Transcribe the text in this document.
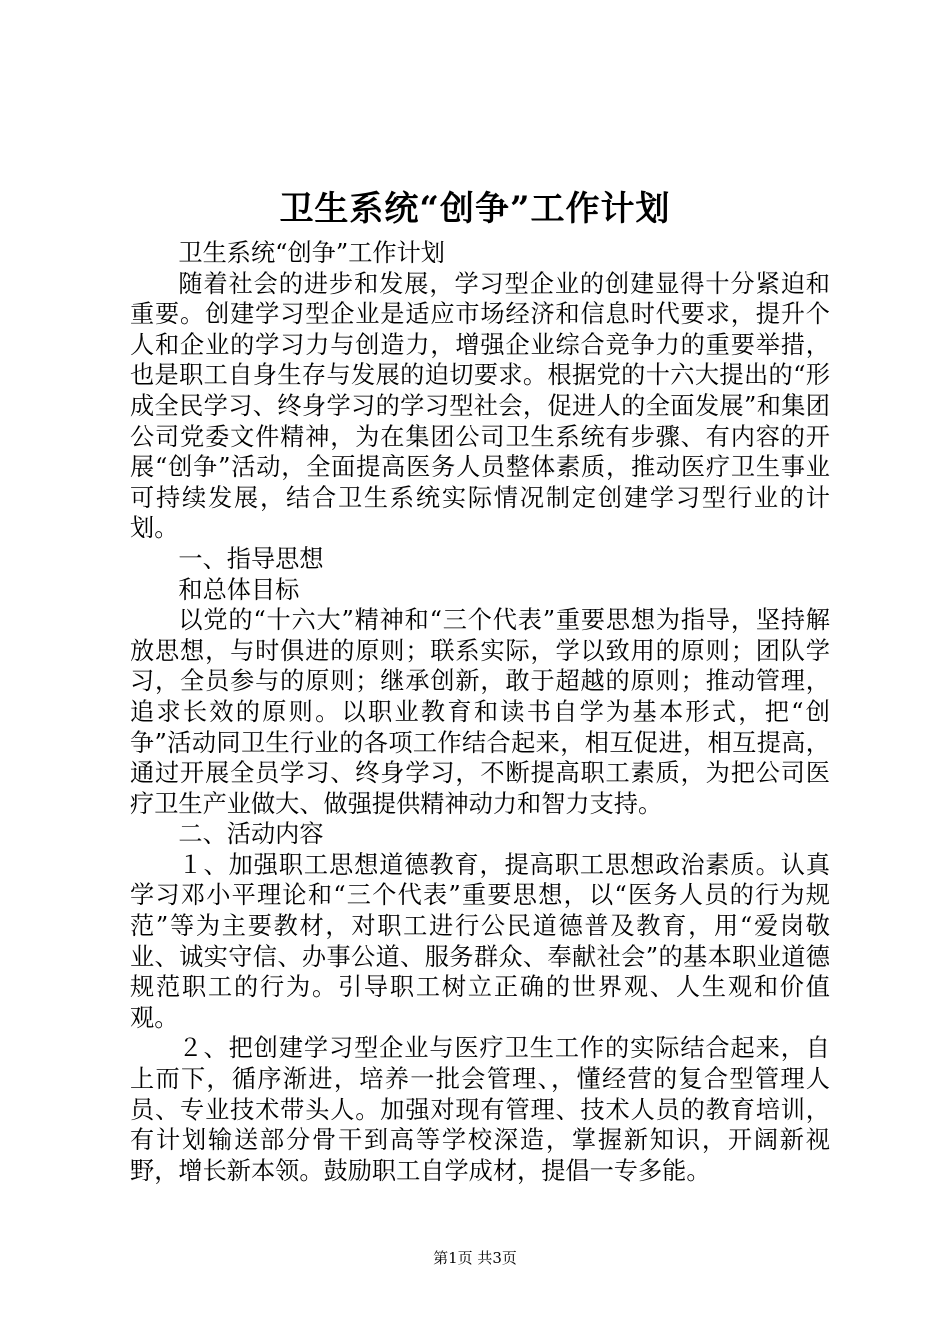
卫生系统“创争”工作计划

卫生系统“创争”工作计划

随着社会的进步和发展，学习型企业的创建显得十分紧迫和重要。创建学习型企业是适应市场经济和信息时代要求，提升个人和企业的学习力与创造力，增强企业综合竞争力的重要举措，也是职工自身生存与发展的迫切要求。根据党的十六大提出的“形成全民学习、终身学习的学习型社会，促进人的全面发展”和集团公司党委文件精神，为在集团公司卫生系统有步骤、有内容的开展“创争”活动，全面提高医务人员整体素质，推动医疗卫生事业可持续发展，结合卫生系统实际情况制定创建学习型行业的计划。

一、指导思想

和总体目标

以党的“十六大”精神和“三个代表”重要思想为指导，坚持解放思想，与时俱进的原则；联系实际，学以致用的原则；团队学习，全员参与的原则；继承创新，敢于超越的原则；推动管理，追求长效的原则。以职业教育和读书自学为基本形式，把“创争”活动同卫生行业的各项工作结合起来，相互促进，相互提高，通过开展全员学习、终身学习，不断提高职工素质，为把公司医疗卫生产业做大、做强提供精神动力和智力支持。

二、活动内容

１、加强职工思想道德教育，提高职工思想政治素质。认真学习邓小平理论和“三个代表”重要思想，以“医务人员的行为规范”等为主要教材，对职工进行公民道德普及教育，用“爱岗敬业、诚实守信、办事公道、服务群众、奉献社会”的基本职业道德规范职工的行为。引导职工树立正确的世界观、人生观和价值观。

２、把创建学习型企业与医疗卫生工作的实际结合起来，自上而下，循序渐进，培养一批会管理、，懂经营的复合型管理人员、专业技术带头人。加强对现有管理、技术人员的教育培训，有计划输送部分骨干到高等学校深造，掌握新知识，开阔新视野，增长新本领。鼓励职工自学成材，提倡一专多能。

第1页 共3页
